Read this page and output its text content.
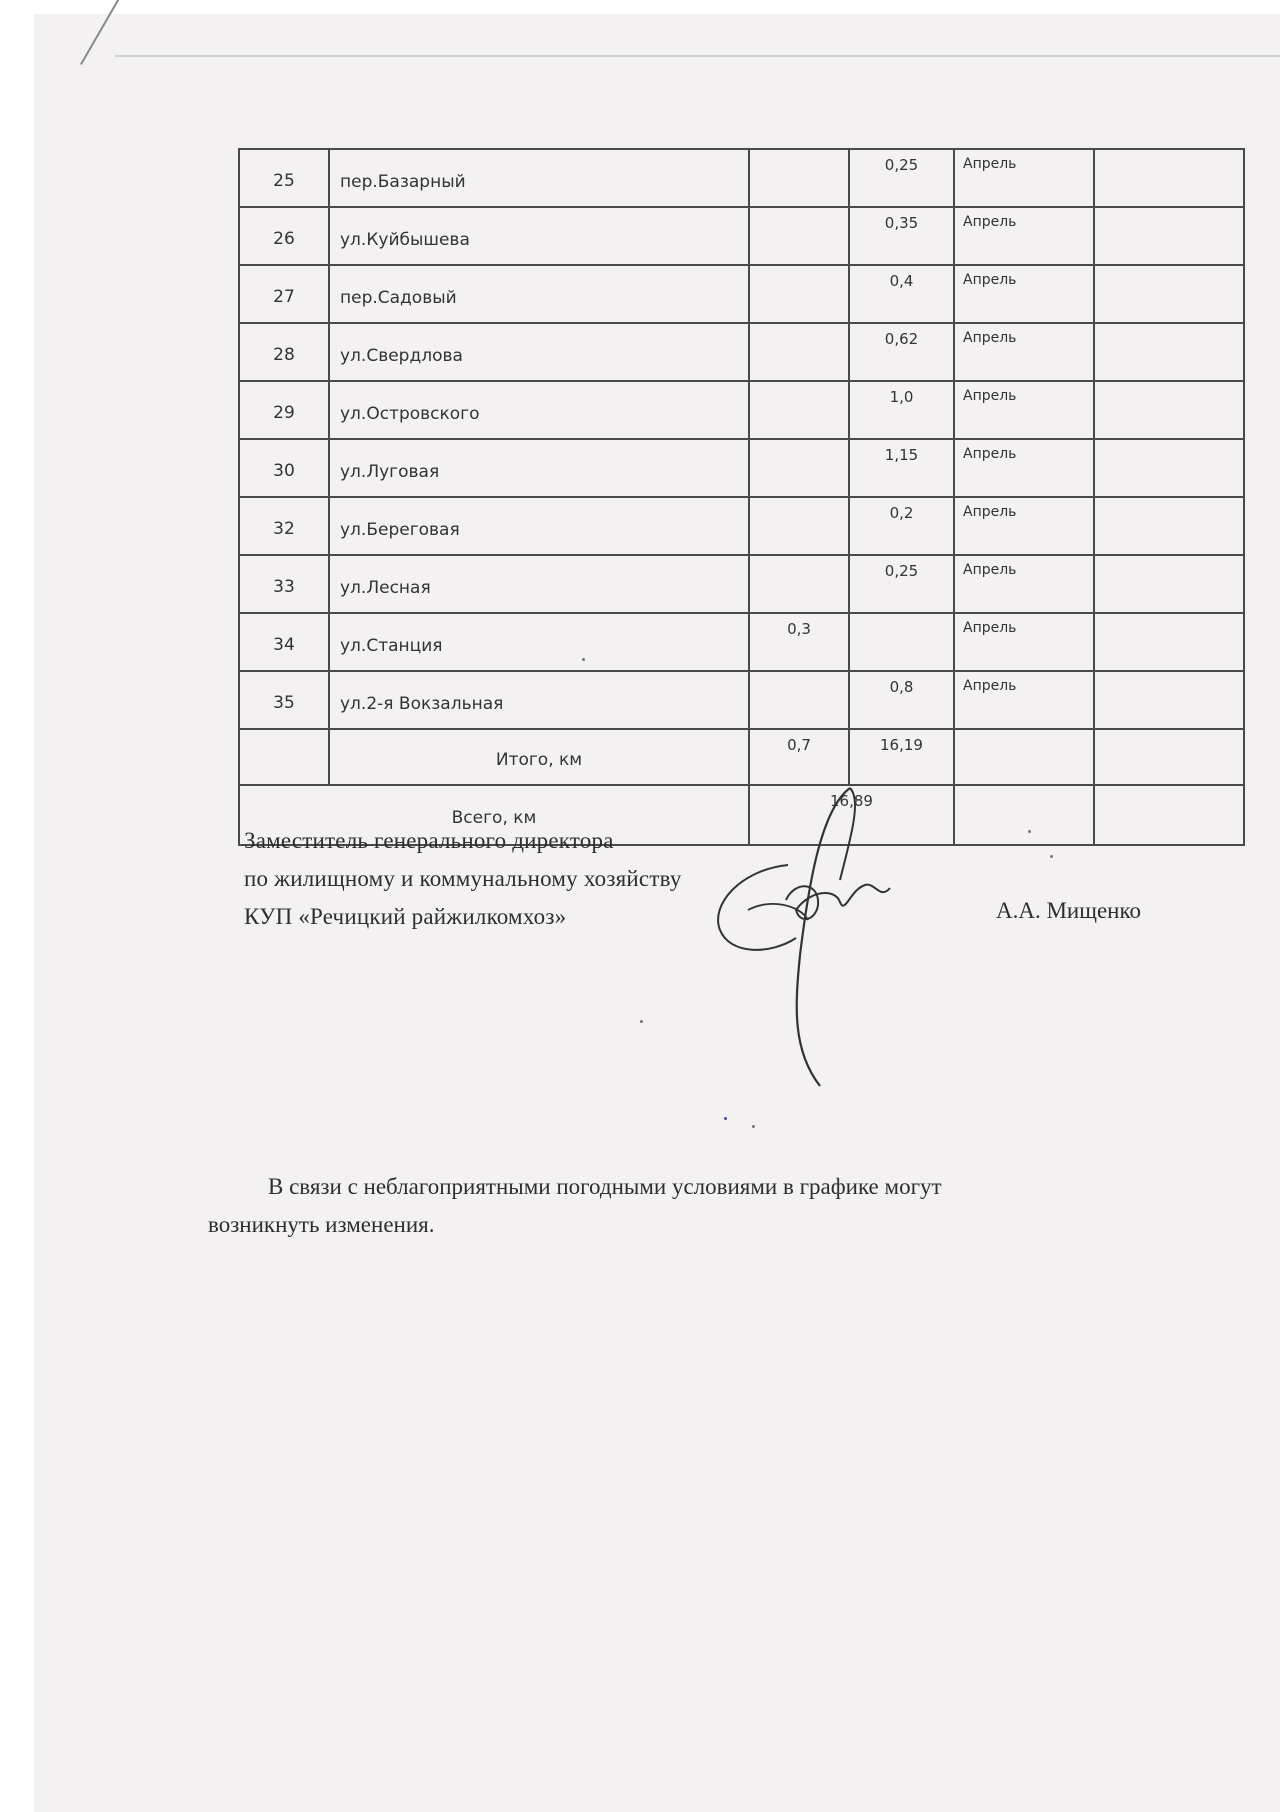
25	пер.Базарный		0,25	Апрель	
26	ул.Куйбышева		0,35	Апрель	
27	пер.Садовый		0,4	Апрель	
28	ул.Свердлова		0,62	Апрель	
29	ул.Островского		1,0	Апрель	
30	ул.Луговая		1,15	Апрель	
32	ул.Береговая		0,2	Апрель	
33	ул.Лесная		0,25	Апрель	
34	ул.Станция	0,3		Апрель	
35	ул.2-я Вокзальная		0,8	Апрель	
	Итого, км	0,7	16,19		
Всего, км		16,89			
Заместитель генерального директора
по жилищному и коммунальному хозяйству
КУП «Речицкий райжилкомхоз»	А.А. Мищенко
В связи с неблагоприятными погодными условиями в графике могут
возникнуть изменения.
